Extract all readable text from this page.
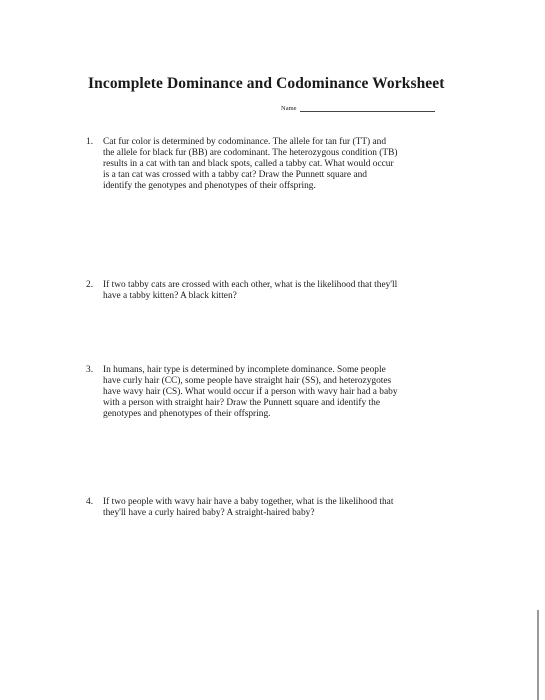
Incomplete Dominance and Codominance Worksheet
Name
1.	Cat fur color is determined by codominance. The allele for tan fur (TT) and
the allele for black fur (BB) are codominant. The heterozygous condition (TB)
results in a cat with tan and black spots, called a tabby cat. What would occur
is a tan cat was crossed with a tabby cat? Draw the Punnett square and
identify the genotypes and phenotypes of their offspring.
2.	If two tabby cats are crossed with each other, what is the likelihood that they'll
have a tabby kitten? A black kitten?
3.	In humans, hair type is determined by incomplete dominance. Some people
have curly hair (CC), some people have straight hair (SS), and heterozygotes
have wavy hair (CS). What would occur if a person with wavy hair had a baby
with a person with straight hair? Draw the Punnett square and identify the
genotypes and phenotypes of their offspring.
4.	If two people with wavy hair have a baby together, what is the likelihood that
they'll have a curly haired baby? A straight-haired baby?
